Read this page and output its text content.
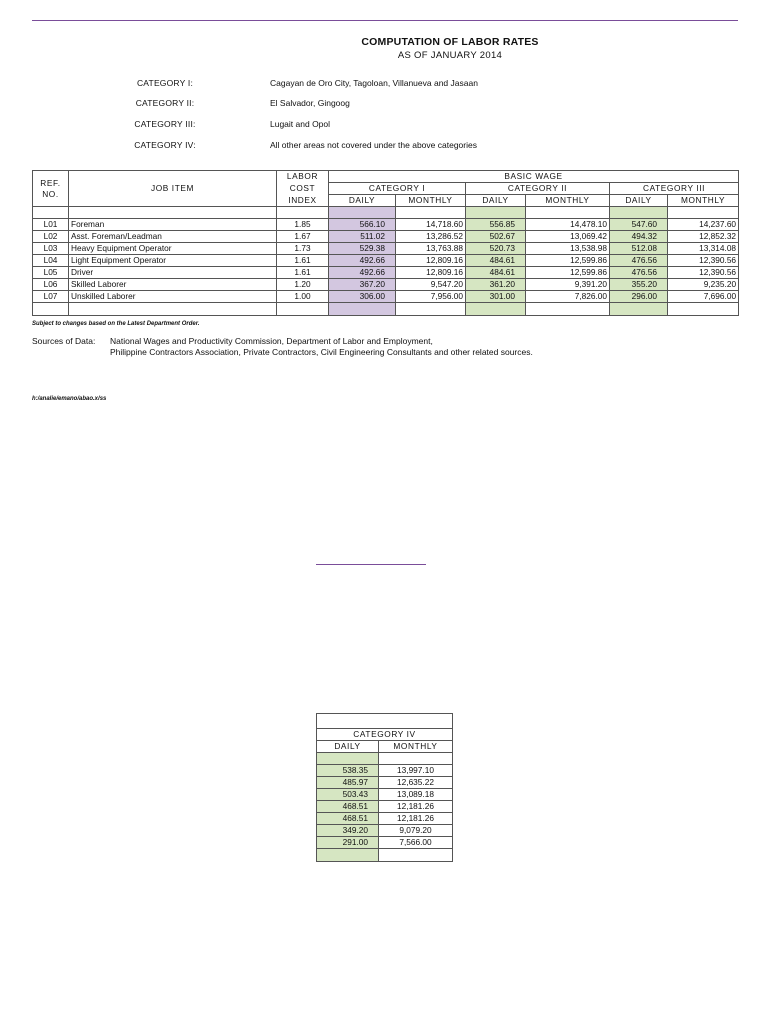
COMPUTATION OF LABOR RATES
AS OF JANUARY 2014
CATEGORY I:	Cagayan de Oro City, Tagoloan, Villanueva and Jasaan
CATEGORY II:	El Salvador, Gingoog
CATEGORY III:	Lugait and Opol
CATEGORY IV:	All other areas not covered under the above categories
REF. NO.	JOB ITEM	LABOR	BASIC WAGE					
		COST	CATEGORY I		CATEGORY II		CATEGORY III	
		INDEX	DAILY	MONTHLY	DAILY	MONTHLY	DAILY	MONTHLY

L01	Foreman	1.85	566.10	14,718.60	556.85	14,478.10	547.60	14,237.60
L02	Asst. Foreman/Leadman	1.67	511.02	13,286.52	502.67	13,069.42	494.32	12,852.32
L03	Heavy Equipment Operator	1.73	529.38	13,763.88	520.73	13,538.98	512.08	13,314.08
L04	Light Equipment Operator	1.61	492.66	12,809.16	484.61	12,599.86	476.56	12,390.56
L05	Driver	1.61	492.66	12,809.16	484.61	12,599.86	476.56	12,390.56
L06	Skilled Laborer	1.20	367.20	9,547.20	361.20	9,391.20	355.20	9,235.20
L07	Unskilled Laborer	1.00	306.00	7,956.00	301.00	7,826.00	296.00	7,696.00

Subject to changes based on the Latest Department Order.
Sources of Data: National Wages and Productivity Commission, Department of Labor and Employment,
Philippine Contractors Association, Private Contractors, Civil Engineering Consultants and other related sources.
h:/analie/emano/abao.x/ss

CATEGORY IV	
DAILY	MONTHLY

538.35	13,997.10
485.97	12,635.22
503.43	13,089.18
468.51	12,181.26
468.51	12,181.26
349.20	9,079.20
291.00	7,566.00
